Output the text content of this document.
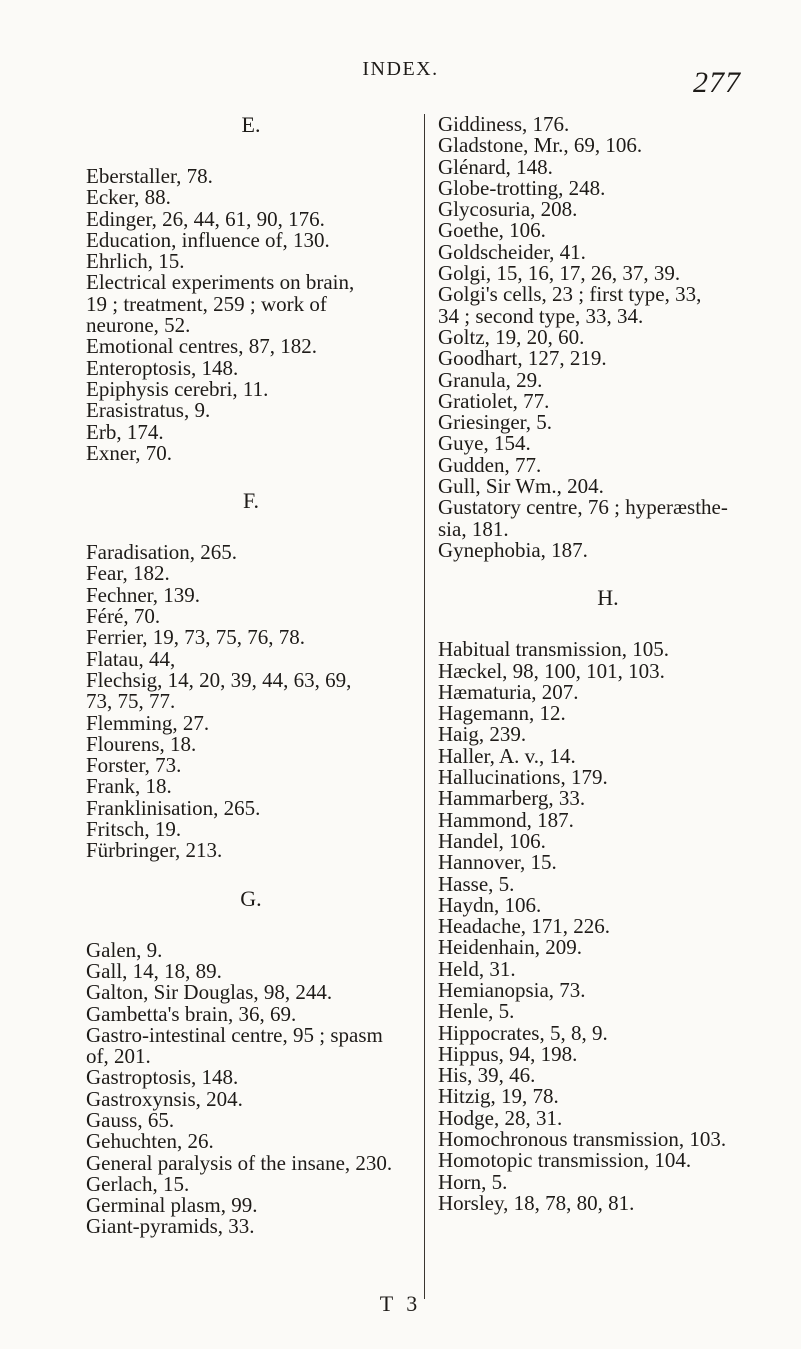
INDEX.	277
E.
Eberstaller, 78.
Ecker, 88.
Edinger, 26, 44, 61, 90, 176.
Education, influence of, 130.
Ehrlich, 15.
Electrical experiments on brain,
19 ; treatment, 259 ; work of
neurone, 52.
Emotional centres, 87, 182.
Enteroptosis, 148.
Epiphysis cerebri, 11.
Erasistratus, 9.
Erb, 174.
Exner, 70.
F.
Faradisation, 265.
Fear, 182.
Fechner, 139.
Féré, 70.
Ferrier, 19, 73, 75, 76, 78.
Flatau, 44,
Flechsig, 14, 20, 39, 44, 63, 69,
73, 75, 77.
Flemming, 27.
Flourens, 18.
Forster, 73.
Frank, 18.
Franklinisation, 265.
Fritsch, 19.
Fürbringer, 213.
G.
Galen, 9.
Gall, 14, 18, 89.
Galton, Sir Douglas, 98, 244.
Gambetta's brain, 36, 69.
Gastro-intestinal centre, 95 ; spasm
of, 201.
Gastroptosis, 148.
Gastroxynsis, 204.
Gauss, 65.
Gehuchten, 26.
General paralysis of the insane, 230.
Gerlach, 15.
Germinal plasm, 99.
Giant-pyramids, 33.
Giddiness, 176.
Gladstone, Mr., 69, 106.
Glénard, 148.
Globe-trotting, 248.
Glycosuria, 208.
Goethe, 106.
Goldscheider, 41.
Golgi, 15, 16, 17, 26, 37, 39.
Golgi's cells, 23 ; first type, 33,
34 ; second type, 33, 34.
Goltz, 19, 20, 60.
Goodhart, 127, 219.
Granula, 29.
Gratiolet, 77.
Griesinger, 5.
Guye, 154.
Gudden, 77.
Gull, Sir Wm., 204.
Gustatory centre, 76 ; hyperæsthe-
sia, 181.
Gynephobia, 187.
H.
Habitual transmission, 105.
Hæckel, 98, 100, 101, 103.
Hæmaturia, 207.
Hagemann, 12.
Haig, 239.
Haller, A. v., 14.
Hallucinations, 179.
Hammarberg, 33.
Hammond, 187.
Handel, 106.
Hannover, 15.
Hasse, 5.
Haydn, 106.
Headache, 171, 226.
Heidenhain, 209.
Held, 31.
Hemianopsia, 73.
Henle, 5.
Hippocrates, 5, 8, 9.
Hippus, 94, 198.
His, 39, 46.
Hitzig, 19, 78.
Hodge, 28, 31.
Homochronous transmission, 103.
Homotopic transmission, 104.
Horn, 5.
Horsley, 18, 78, 80, 81.
T 3
